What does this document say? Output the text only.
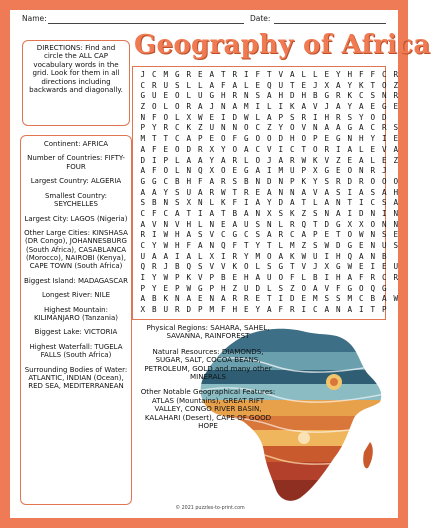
Name:	Date:
DIRECTIONS: Find and circle the ALL CAP vocabulary words in the grid. Look for them in all directions including backwards and diagonally.
Geography of Africa
J C M G R E A T R I F T V A L L E Y H F F C R
C R U S L L A F A L E Q U T E J X A Y K T O Z
G U E O L U G H R N S A H D H B G R K C S N R
Z O L O R A J N A M I L I K A V J A Y A E G E
N F O L X W E I D W L A P S R I H R S Y O D
P Y R C K Z U N N O C Z Y O V N A A G A C R S
M T T C A P E O F G O O D H O P E G N H Y I E
A F E O D R X Y O A C V I C T O R I A L E V A
D I P L A A Y A R L O J A R W K V Z E A L E Z
A F O L N Q X O E G A I M U P X G E O N R J
G G C B H F A R S B N D N P K Y S R D R O O O
A A Y S U A R W T R E A N N A V A S I A S A H
S B N S X N L K F I A Y D A T L A N T I C S A
C F C A T I A T B A N X S K Z S N A I D N I N
A V N V H L N E A U S N L R Q T D G X X O N N
R I W H A S V C G C S A R C A P E T O W N S E
C Y W H F A N Q F T Y T L M Z S W D G E N U S
U A A I A L X I R Y M O A K W U I H Q A N B
Q R J B Q S V V K O L S G T V J X G W E I E U
I Y W P K V P B E H A U O F L B I H A F R C R
P Y E P W G P H Z U D L S Z O A V F G O Q G
A B K N A E N A R R E T I D E M S S M C B A W
X B U R D P M F H E Y A F R I C A N A I T P
Continent: AFRICA
Number of Countries: FIFTY-FOUR
Largest Country: ALGERIA
Smallest Country: SEYCHELLES
Largest City: LAGOS (Nigeria)
Other Large Cities: KINSHASA (DR Congo), JOHANNESBURG (South Africa), CASABLANCA (Morocco), NAIROBI (Kenya), CAPE TOWN (South Africa)
Biggest Island: MADAGASCAR
Longest River: NILE
Highest Mountain: KILIMANJARO (Tanzania)
Biggest Lake: VICTORIA
Highest Waterfall: TUGELA FALLS (South Africa)
Surrounding Bodies of Water: ATLANTIC, INDIAN (Ocean), RED SEA, MEDITERRANEAN
Physical Regions: SAHARA, SAHEL, SAVANNA, RAINFOREST
Natural Resources: DIAMONDS, SUGAR, SALT, COCOA BEANS, PETROLEUM, GOLD and many other MINERALS
Other Notable Geographical Features: ATLAS (Mountains), GREAT RIFT VALLEY, CONGO RIVER BASIN, KALAHARI (Desert), CAPE OF GOOD HOPE
© 2021 puzzles-to-print.com
